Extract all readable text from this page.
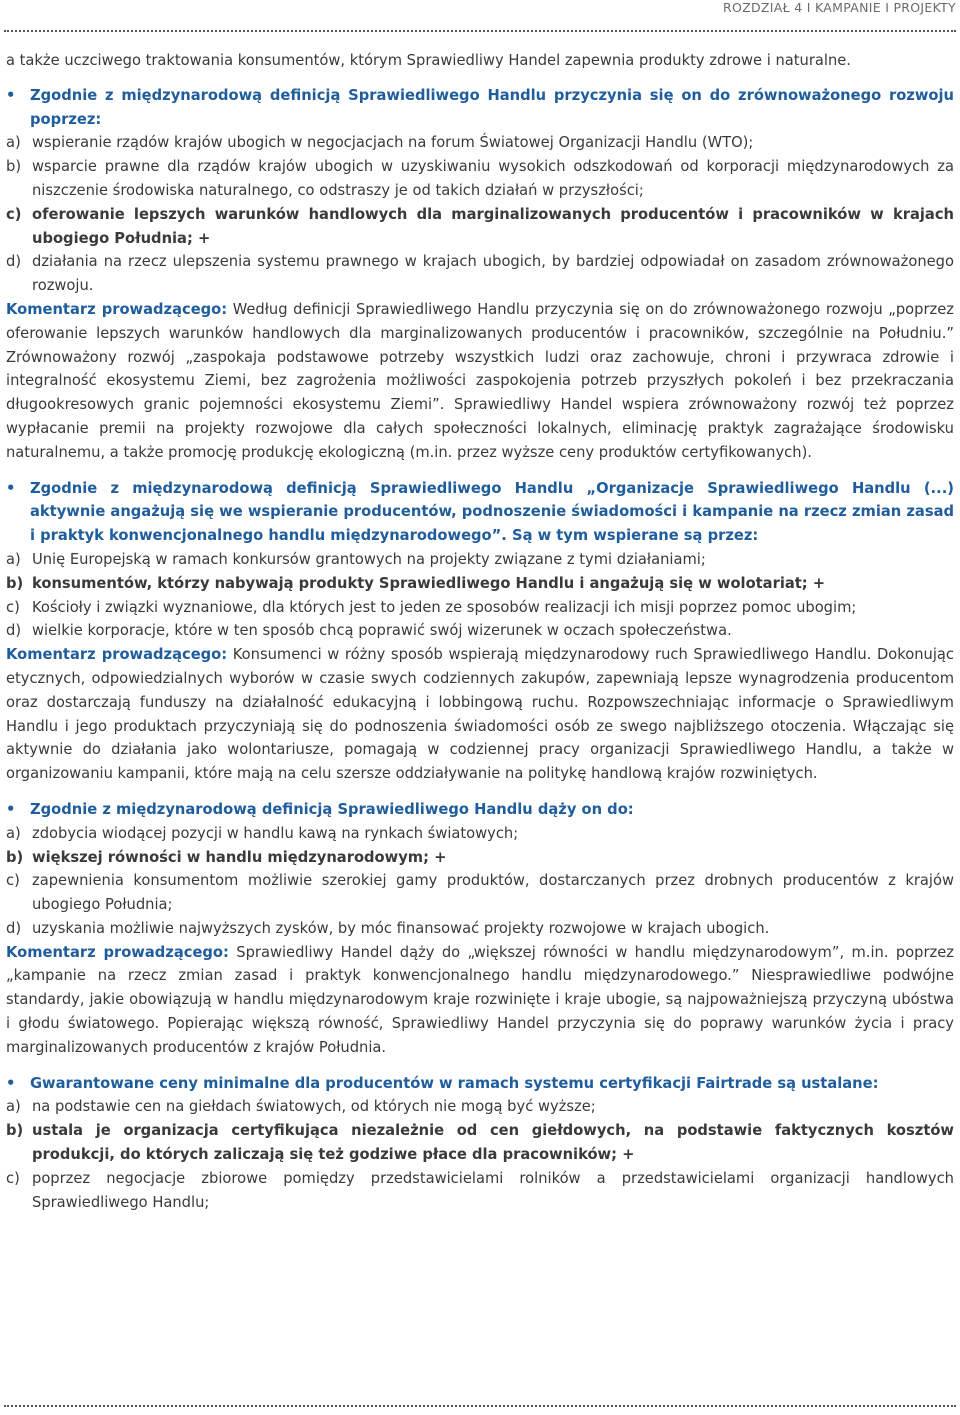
ROZDZIAŁ 4 I KAMPANIE I PROJEKTY

a także uczciwego traktowania konsumentów, którym Sprawiedliwy Handel zapewnia produkty zdrowe i naturalne.

• Zgodnie z międzynarodową definicją Sprawiedliwego Handlu przyczynia się on do zrównoważonego rozwoju poprzez:

a) wspieranie rządów krajów ubogich w negocjacjach na forum Światowej Organizacji Handlu (WTO);

b) wsparcie prawne dla rządów krajów ubogich w uzyskiwaniu wysokich odszkodowań od korporacji międzynarodowych za niszczenie środowiska naturalnego, co odstraszy je od takich działań w przyszłości;

c) oferowanie lepszych warunków handlowych dla marginalizowanych producentów i pracowników w krajach ubogiego Południa; +

d) działania na rzecz ulepszenia systemu prawnego w krajach ubogich, by bardziej odpowiadał on zasadom zrównoważonego rozwoju.

Komentarz prowadzącego: Według definicji Sprawiedliwego Handlu przyczynia się on do zrównoważonego rozwoju „poprzez oferowanie lepszych warunków handlowych dla marginalizowanych producentów i pracowników, szczególnie na Południu.” Zrównoważony rozwój „zaspokaja podstawowe potrzeby wszystkich ludzi oraz zachowuje, chroni i przywraca zdrowie i integralność ekosystemu Ziemi, bez zagrożenia możliwości zaspokojenia potrzeb przyszłych pokoleń i bez przekraczania długookresowych granic pojemności ekosystemu Ziemi”. Sprawiedliwy Handel wspiera zrównoważony rozwój też poprzez wypłacanie premii na projekty rozwojowe dla całych społeczności lokalnych, eliminację praktyk zagrażające środowisku naturalnemu, a także promocję produkcję ekologiczną (m.in. przez wyższe ceny produktów certyfikowanych).

• Zgodnie z międzynarodową definicją Sprawiedliwego Handlu „Organizacje Sprawiedliwego Handlu (...) aktywnie angażują się we wspieranie producentów, podnoszenie świadomości i kampanie na rzecz zmian zasad i praktyk konwencjonalnego handlu międzynarodowego”. Są w tym wspierane są przez:

a) Unię Europejską w ramach konkursów grantowych na projekty związane z tymi działaniami;

b) konsumentów, którzy nabywają produkty Sprawiedliwego Handlu i angażują się w wolotariat; +

c) Kościoły i związki wyznaniowe, dla których jest to jeden ze sposobów realizacji ich misji poprzez pomoc ubogim;

d) wielkie korporacje, które w ten sposób chcą poprawić swój wizerunek w oczach społeczeństwa.

Komentarz prowadzącego: Konsumenci w różny sposób wspierają międzynarodowy ruch Sprawiedliwego Handlu. Dokonując etycznych, odpowiedzialnych wyborów w czasie swych codziennych zakupów, zapewniają lepsze wynagrodzenia producentom oraz dostarczają funduszy na działalność edukacyjną i lobbingową ruchu. Rozpowszechniając informacje o Sprawiedliwym Handlu i jego produktach przyczyniają się do podnoszenia świadomości osób ze swego najbliższego otoczenia. Włączając się aktywnie do działania jako wolontariusze, pomagają w codziennej pracy organizacji Sprawiedliwego Handlu, a także w organizowaniu kampanii, które mają na celu szersze oddziaływanie na politykę handlową krajów rozwiniętych.

• Zgodnie z międzynarodową definicją Sprawiedliwego Handlu dąży on do:

a) zdobycia wiodącej pozycji w handlu kawą na rynkach światowych;

b) większej równości w handlu międzynarodowym; +

c) zapewnienia konsumentom możliwie szerokiej gamy produktów, dostarczanych przez drobnych producentów z krajów ubogiego Południa;

d) uzyskania możliwie najwyższych zysków, by móc finansować projekty rozwojowe w krajach ubogich.

Komentarz prowadzącego: Sprawiedliwy Handel dąży do „większej równości w handlu międzynarodowym”, m.in. poprzez „kampanie na rzecz zmian zasad i praktyk konwencjonalnego handlu międzynarodowego.” Niesprawiedliwe podwójne standardy, jakie obowiązują w handlu międzynarodowym kraje rozwinięte i kraje ubogie, są najpoważniejszą przyczyną ubóstwa i głodu światowego. Popierając większą równość, Sprawiedliwy Handel przyczynia się do poprawy warunków życia i pracy marginalizowanych producentów z krajów Południa.

• Gwarantowane ceny minimalne dla producentów w ramach systemu certyfikacji Fairtrade są ustalane:

a) na podstawie cen na giełdach światowych, od których nie mogą być wyższe;

b) ustala je organizacja certyfikująca niezależnie od cen giełdowych, na podstawie faktycznych kosztów produkcji, do których zaliczają się też godziwe płace dla pracowników; +

c) poprzez negocjacje zbiorowe pomiędzy przedstawicielami rolników a przedstawicielami organizacji handlowych Sprawiedliwego Handlu;
